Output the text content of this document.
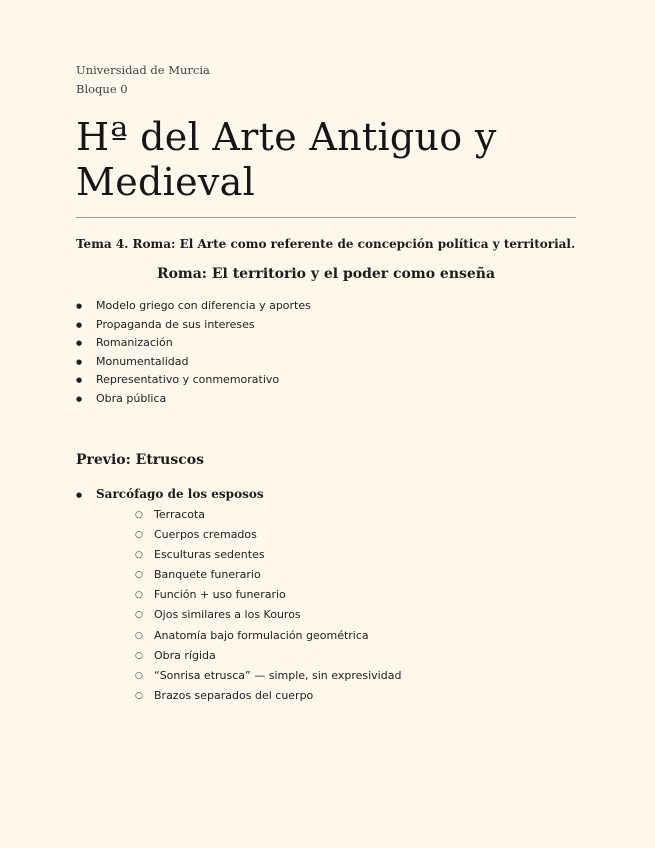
Universidad de Murcia
Bloque 0
Hª del Arte Antiguo y
Medieval
Tema 4. Roma: El Arte como referente de concepción política y territorial.
Roma: El territorio y el poder como enseña
● Modelo griego con diferencia y aportes
● Propaganda de sus intereses
● Romanización
● Monumentalidad
● Representativo y conmemorativo
● Obra pública
Previo: Etruscos
● Sarcófago de los esposos
○ Terracota
○ Cuerpos cremados
○ Esculturas sedentes
○ Banquete funerario
○ Función + uso funerario
○ Ojos similares a los Kouros
○ Anatomía bajo formulación geométrica
○ Obra rígida
○ “Sonrisa etrusca” — simple, sin expresividad
○ Brazos separados del cuerpo
